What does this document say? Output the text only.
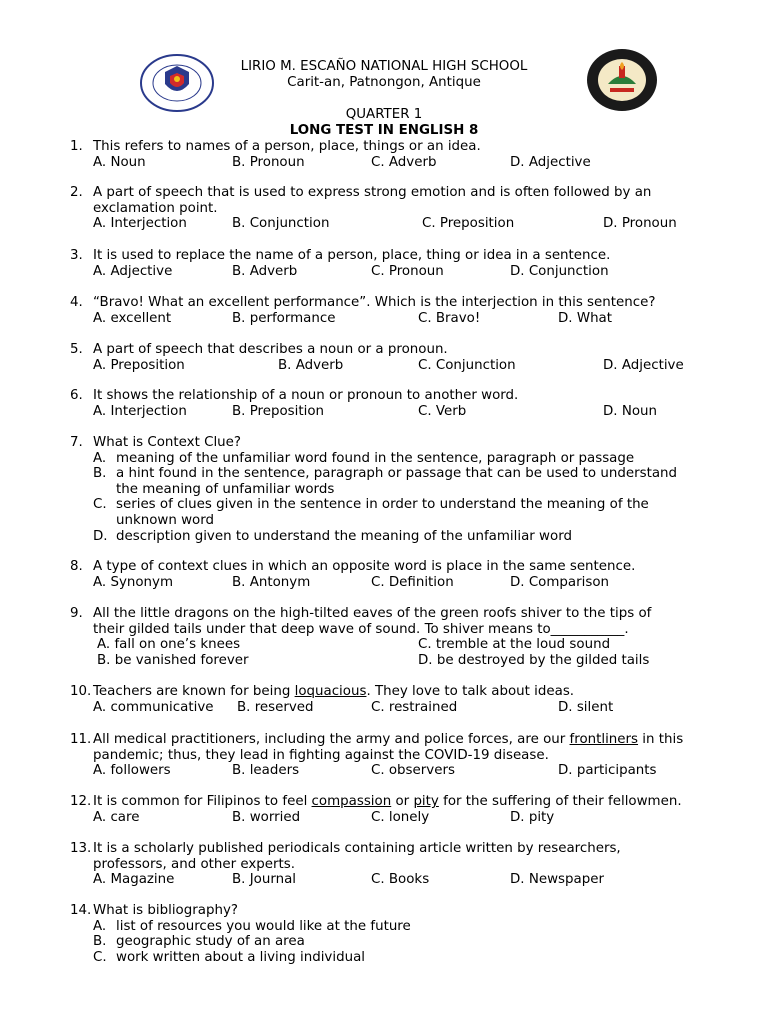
LIRIO M. ESCAÑO NATIONAL HIGH SCHOOL
Carit-an, Patnongon, Antique
QUARTER 1
LONG TEST IN ENGLISH 8
1. This refers to names of a person, place, things or an idea.
A. Noun	B. Pronoun	C. Adverb	D. Adjective
2. A part of speech that is used to express strong emotion and is often followed by an
exclamation point.
A. Interjection	B. Conjunction	C. Preposition	D. Pronoun
3. It is used to replace the name of a person, place, thing or idea in a sentence.
A. Adjective	B. Adverb	C. Pronoun	D. Conjunction
4. “Bravo! What an excellent performance”. Which is the interjection in this sentence?
A. excellent	B. performance	C. Bravo!	D. What
5. A part of speech that describes a noun or a pronoun.
A. Preposition	B. Adverb	C. Conjunction	D. Adjective
6. It shows the relationship of a noun or pronoun to another word.
A. Interjection	B. Preposition	C. Verb	D. Noun
7. What is Context Clue?
A. meaning of the unfamiliar word found in the sentence, paragraph or passage
B. a hint found in the sentence, paragraph or passage that can be used to understand
the meaning of unfamiliar words
C. series of clues given in the sentence in order to understand the meaning of the
unknown word
D. description given to understand the meaning of the unfamiliar word
8. A type of context clues in which an opposite word is place in the same sentence.
A. Synonym	B. Antonym	C. Definition	D. Comparison
9. All the little dragons on the high-tilted eaves of the green roofs shiver to the tips of
their gilded tails under that deep wave of sound. To shiver means to___________.
A. fall on one’s knees	C. tremble at the loud sound
B. be vanished forever	D. be destroyed by the gilded tails
10. Teachers are known for being loquacious. They love to talk about ideas.
A. communicative B. reserved	C. restrained	D. silent
11. All medical practitioners, including the army and police forces, are our frontliners in this
pandemic; thus, they lead in fighting against the COVID-19 disease.
A. followers	B. leaders	C. observers	D. participants
12. It is common for Filipinos to feel compassion or pity for the suffering of their fellowmen.
A. care	B. worried	C. lonely	D. pity
13. It is a scholarly published periodicals containing article written by researchers,
professors, and other experts.
A. Magazine	B. Journal	C. Books	D. Newspaper
14. What is bibliography?
A. list of resources you would like at the future
B. geographic study of an area
C. work written about a living individual
